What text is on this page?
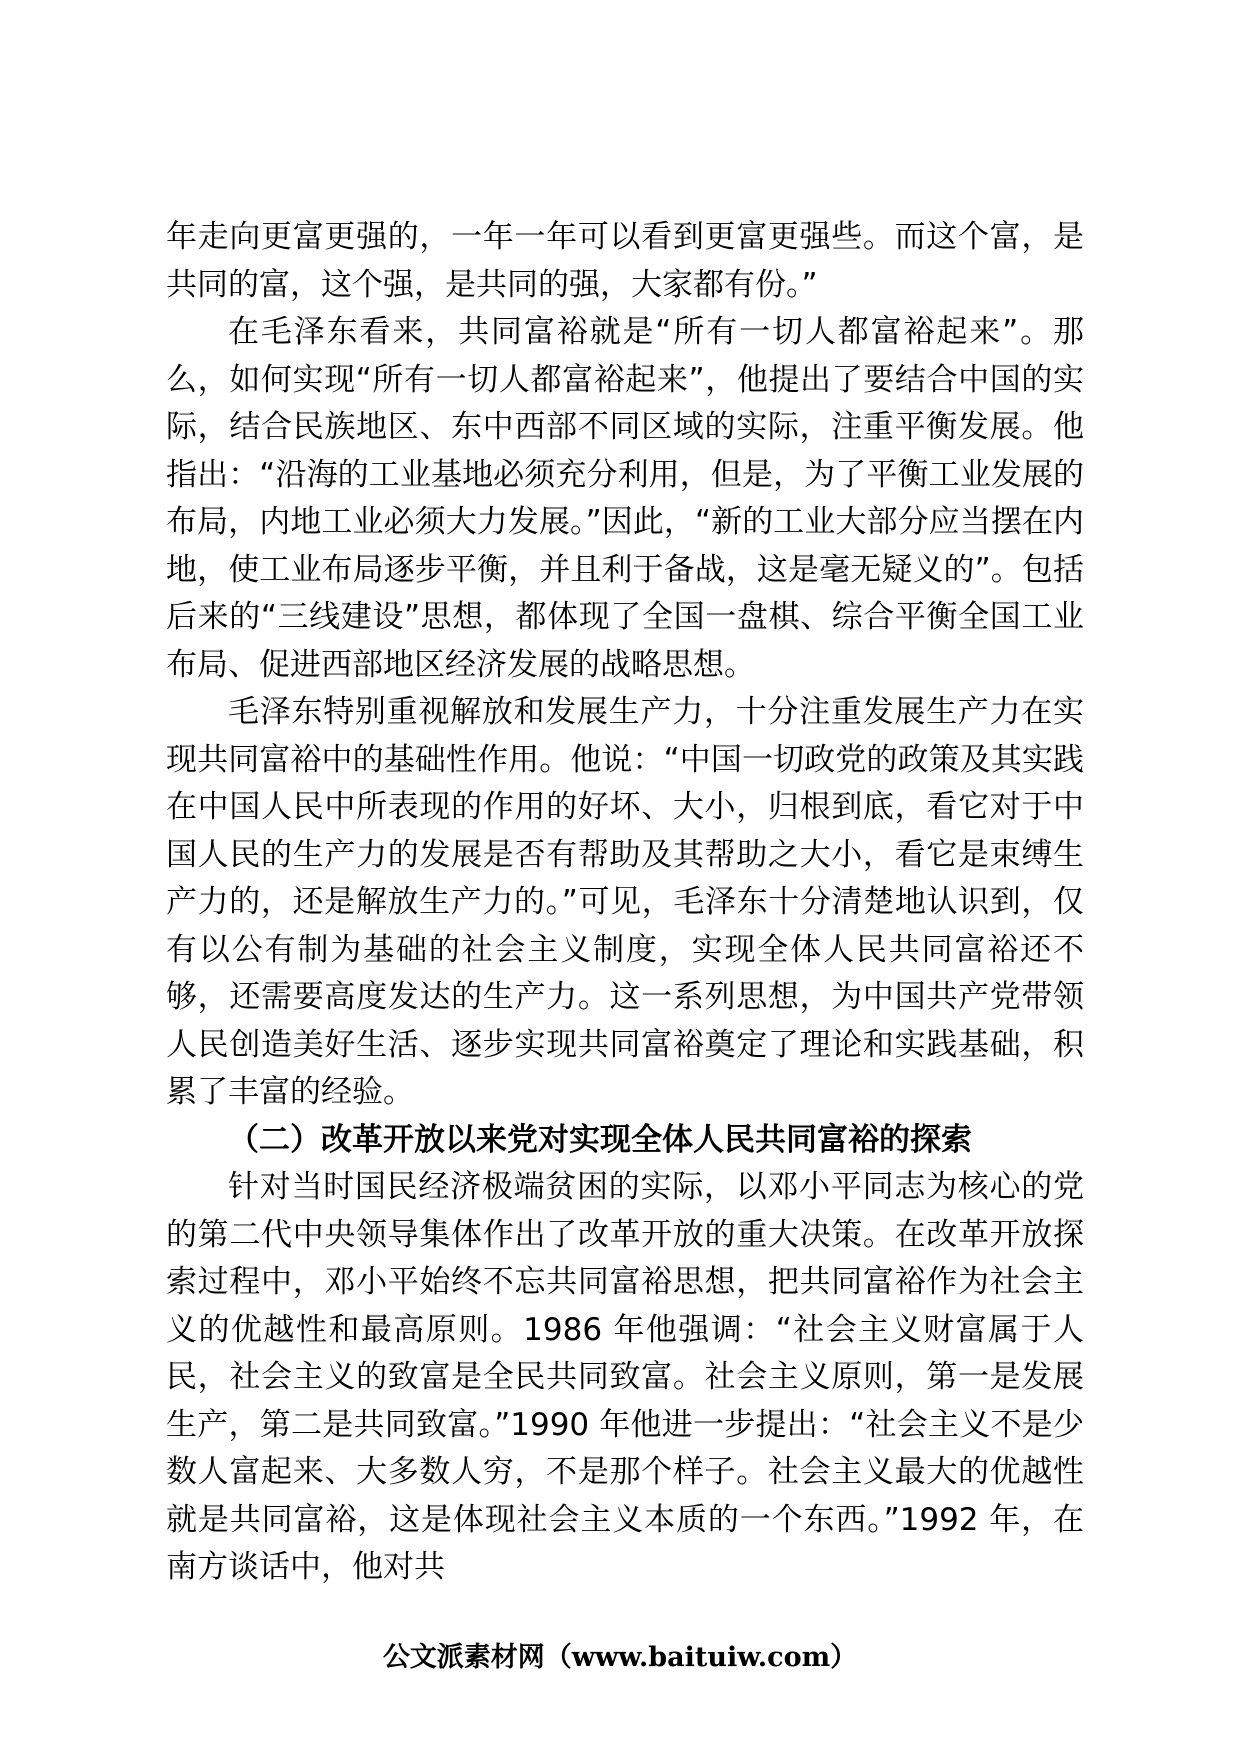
年走向更富更强的，一年一年可以看到更富更强些。而这个富，是共同的富，这个强，是共同的强，大家都有份。”

在毛泽东看来，共同富裕就是“所有一切人都富裕起来”。那么，如何实现“所有一切人都富裕起来”，他提出了要结合中国的实际，结合民族地区、东中西部不同区域的实际，注重平衡发展。他指出：“沿海的工业基地必须充分利用，但是，为了平衡工业发展的布局，内地工业必须大力发展。”因此，“新的工业大部分应当摆在内地，使工业布局逐步平衡，并且利于备战，这是毫无疑义的”。包括后来的“三线建设”思想，都体现了全国一盘棋、综合平衡全国工业布局、促进西部地区经济发展的战略思想。

毛泽东特别重视解放和发展生产力，十分注重发展生产力在实现共同富裕中的基础性作用。他说：“中国一切政党的政策及其实践在中国人民中所表现的作用的好坏、大小，归根到底，看它对于中国人民的生产力的发展是否有帮助及其帮助之大小，看它是束缚生产力的，还是解放生产力的。”可见，毛泽东十分清楚地认识到，仅有以公有制为基础的社会主义制度，实现全体人民共同富裕还不够，还需要高度发达的生产力。这一系列思想，为中国共产党带领人民创造美好生活、逐步实现共同富裕奠定了理论和实践基础，积累了丰富的经验。

（二）改革开放以来党对实现全体人民共同富裕的探索

针对当时国民经济极端贫困的实际，以邓小平同志为核心的党的第二代中央领导集体作出了改革开放的重大决策。在改革开放探索过程中，邓小平始终不忘共同富裕思想，把共同富裕作为社会主义的优越性和最高原则。1986 年他强调：“社会主义财富属于人民，社会主义的致富是全民共同致富。社会主义原则，第一是发展生产，第二是共同致富。”1990 年他进一步提出：“社会主义不是少数人富起来、大多数人穷，不是那个样子。社会主义最大的优越性就是共同富裕，这是体现社会主义本质的一个东西。”1992 年，在南方谈话中，他对共

公文派素材网（www.baituiw.com）
